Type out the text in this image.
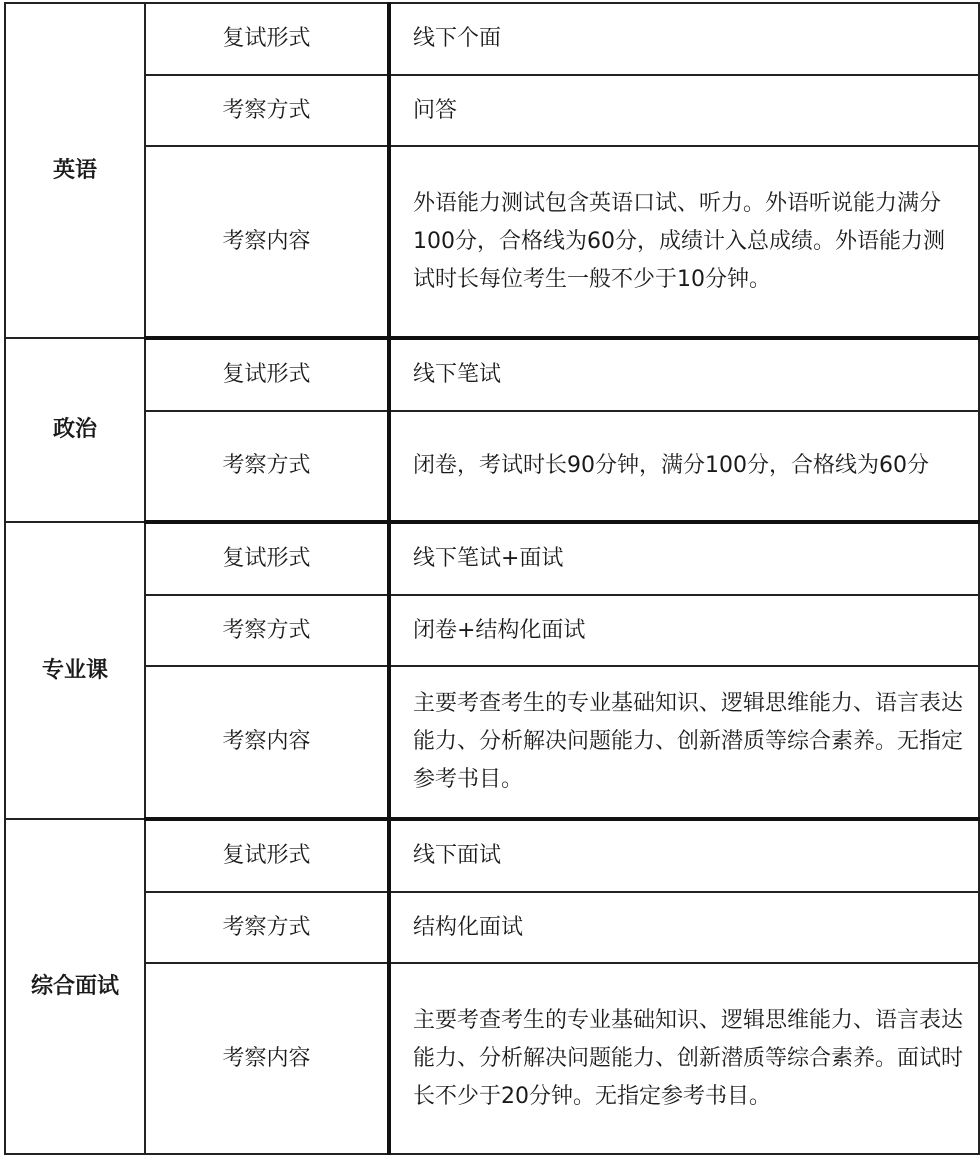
英语	复试形式	线下个面
	考察方式	问答
	考察内容	外语能力测试包含英语口试、听力。外语听说能力满分100分，合格线为60分，成绩计入总成绩。外语能力测试时长每位考生一般不少于10分钟。
政治	复试形式	线下笔试
	考察方式	闭卷，考试时长90分钟，满分100分，合格线为60分
专业课	复试形式	线下笔试+面试
	考察方式	闭卷+结构化面试
	考察内容	主要考查考生的专业基础知识、逻辑思维能力、语言表达能力、分析解决问题能力、创新潜质等综合素养。无指定参考书目。
综合面试	复试形式	线下面试
	考察方式	结构化面试
	考察内容	主要考查考生的专业基础知识、逻辑思维能力、语言表达能力、分析解决问题能力、创新潜质等综合素养。面试时长不少于20分钟。无指定参考书目。
